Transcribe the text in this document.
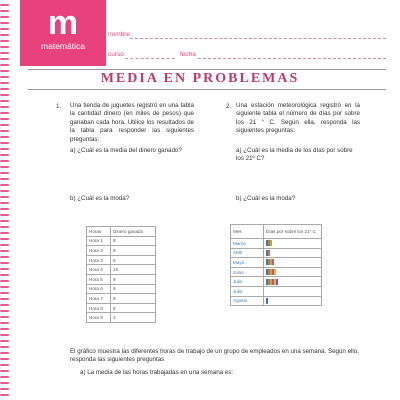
m
matemática
5º básico
nombre
curso	fecha
MEDIA EN PROBLEMAS
1. Una tienda de juguetes registró en una tabla la cantidad dinero (en miles de pesos) que ganaban cada hora. Utilice los resultados de la tabla para responder las siguientes preguntas:
a) ¿Cuál es la media del dinero ganado?
b) ¿Cuál es la moda?
Horas	Dinero ganado
Hora 1	8
Hora 2	9
Hora 3	5
Hora 4	10
Hora 5	9
Hora 6	9
Hora 7	9
Hora 8	6
Hora 9	3
2. Una estación meteorológica registró en la siguiente tabla el número de días por sobre los 21 ° C. Según ella, responda las siguientes preguntas:
a) ¿Cuál es la media de los días por sobre los 21º C?
b) ¿Cuál es la moda?
Mes	Días por sobre los 21º C
Marzo	
Abril	
Mayo	
Junio	
Julio	
Julio	
Agosto	
El gráfico muestra las diferentes horas de trabajo de un grupo de empleados en una semana. Según ello, responda las siguientes preguntas
a) La media de las horas trabajadas en una semana es:
